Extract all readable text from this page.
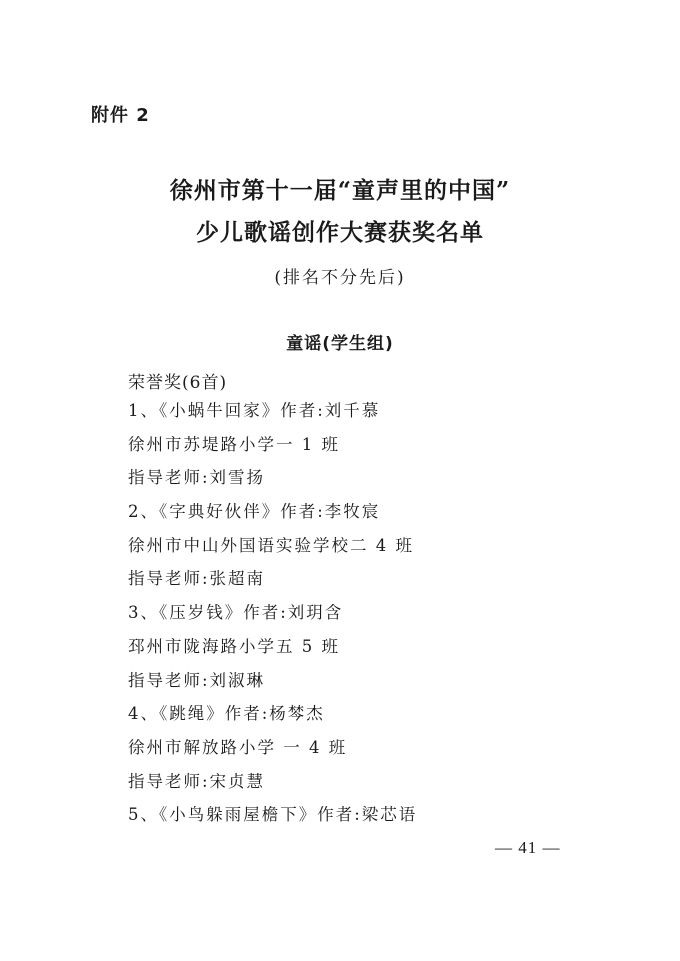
附件 2
徐州市第十一届“童声里的中国”
少儿歌谣创作大赛获奖名单
(排名不分先后)
童谣(学生组)
荣誉奖(6首)
1、《小蜗牛回家》作者:刘千慕
徐州市苏堤路小学一 1 班
指导老师:刘雪扬
2、《字典好伙伴》作者:李牧宸
徐州市中山外国语实验学校二 4 班
指导老师:张超南
3、《压岁钱》作者:刘玥含
邳州市陇海路小学五 5 班
指导老师:刘淑琳
4、《跳绳》作者:杨棽杰
徐州市解放路小学 一 4 班
指导老师:宋贞慧
5、《小鸟躲雨屋檐下》作者:梁芯语
— 41 —
